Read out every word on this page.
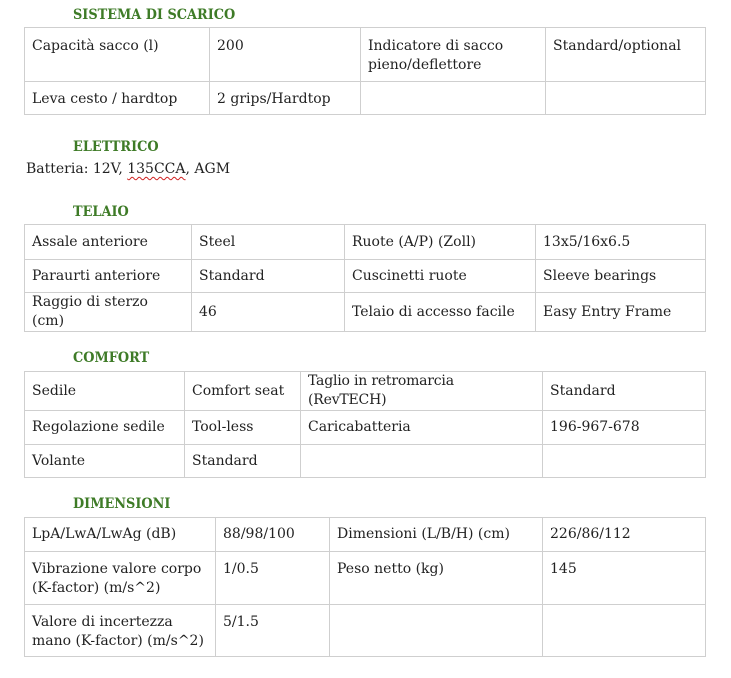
SISTEMA DI SCARICO
Capacità sacco (l)	200	Indicatore di sacco pieno/deflettore	Standard/optional
Leva cesto / hardtop	2 grips/Hardtop		
ELETTRICO
Batteria: 12V, 135CCA, AGM
TELAIO
Assale anteriore	Steel	Ruote (A/P) (Zoll)	13x5/16x6.5
Paraurti anteriore	Standard	Cuscinetti ruote	Sleeve bearings
Raggio di sterzo (cm)	46	Telaio di accesso facile	Easy Entry Frame
COMFORT
Sedile	Comfort seat	Taglio in retromarcia (RevTECH)	Standard
Regolazione sedile	Tool-less	Caricabatteria	196-967-678
Volante	Standard		
DIMENSIONI
LpA/LwA/LwAg (dB)	88/98/100	Dimensioni (L/B/H) (cm)	226/86/112
Vibrazione valore corpo (K-factor) (m/s^2)	1/0.5	Peso netto (kg)	145
Valore di incertezza mano (K-factor) (m/s^2)	5/1.5		
